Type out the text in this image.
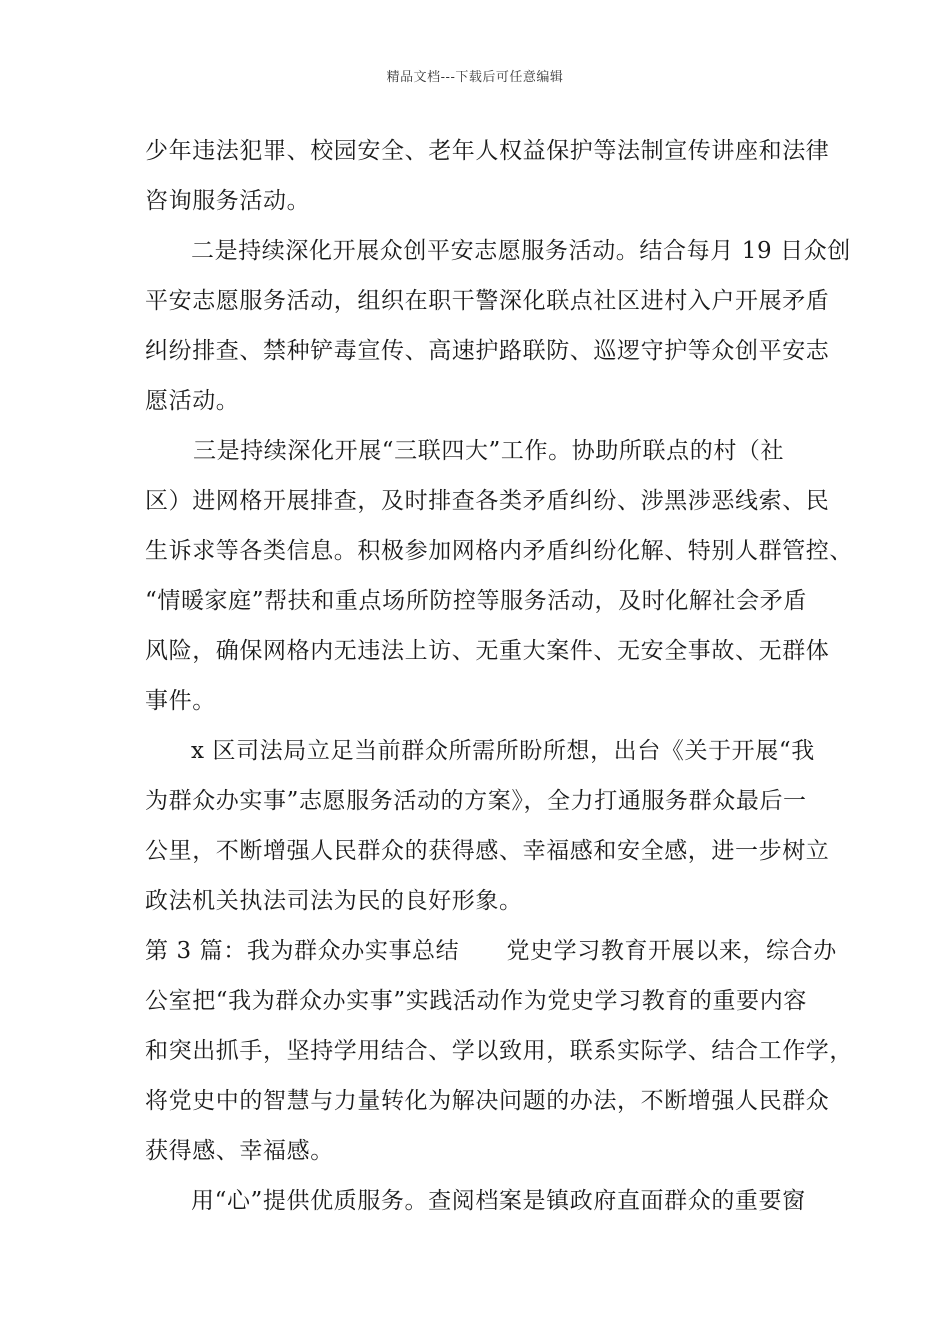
精品文档---下载后可任意编辑
少年违法犯罪、校园安全、老年人权益保护等法制宣传讲座和法律
咨询服务活动。
二是持续深化开展众创平安志愿服务活动。结合每月 19 日众创
平安志愿服务活动，组织在职干警深化联点社区进村入户开展矛盾
纠纷排查、禁种铲毒宣传、高速护路联防、巡逻守护等众创平安志
愿活动。
三是持续深化开展“三联四大”工作。协助所联点的村（社
区）进网格开展排查，及时排查各类矛盾纠纷、涉黑涉恶线索、民
生诉求等各类信息。积极参加网格内矛盾纠纷化解、特别人群管控、
“情暖家庭”帮扶和重点场所防控等服务活动，及时化解社会矛盾
风险，确保网格内无违法上访、无重大案件、无安全事故、无群体
事件。
x 区司法局立足当前群众所需所盼所想，出台《关于开展“我
为群众办实事”志愿服务活动的方案》，全力打通服务群众最后一
公里，不断增强人民群众的获得感、幸福感和安全感，进一步树立
政法机关执法司法为民的良好形象。
第 3 篇：我为群众办实事总结　　党史学习教育开展以来，综合办
公室把“我为群众办实事”实践活动作为党史学习教育的重要内容
和突出抓手，坚持学用结合、学以致用，联系实际学、结合工作学，
将党史中的智慧与力量转化为解决问题的办法，不断增强人民群众
获得感、幸福感。
用“心”提供优质服务。查阅档案是镇政府直面群众的重要窗
